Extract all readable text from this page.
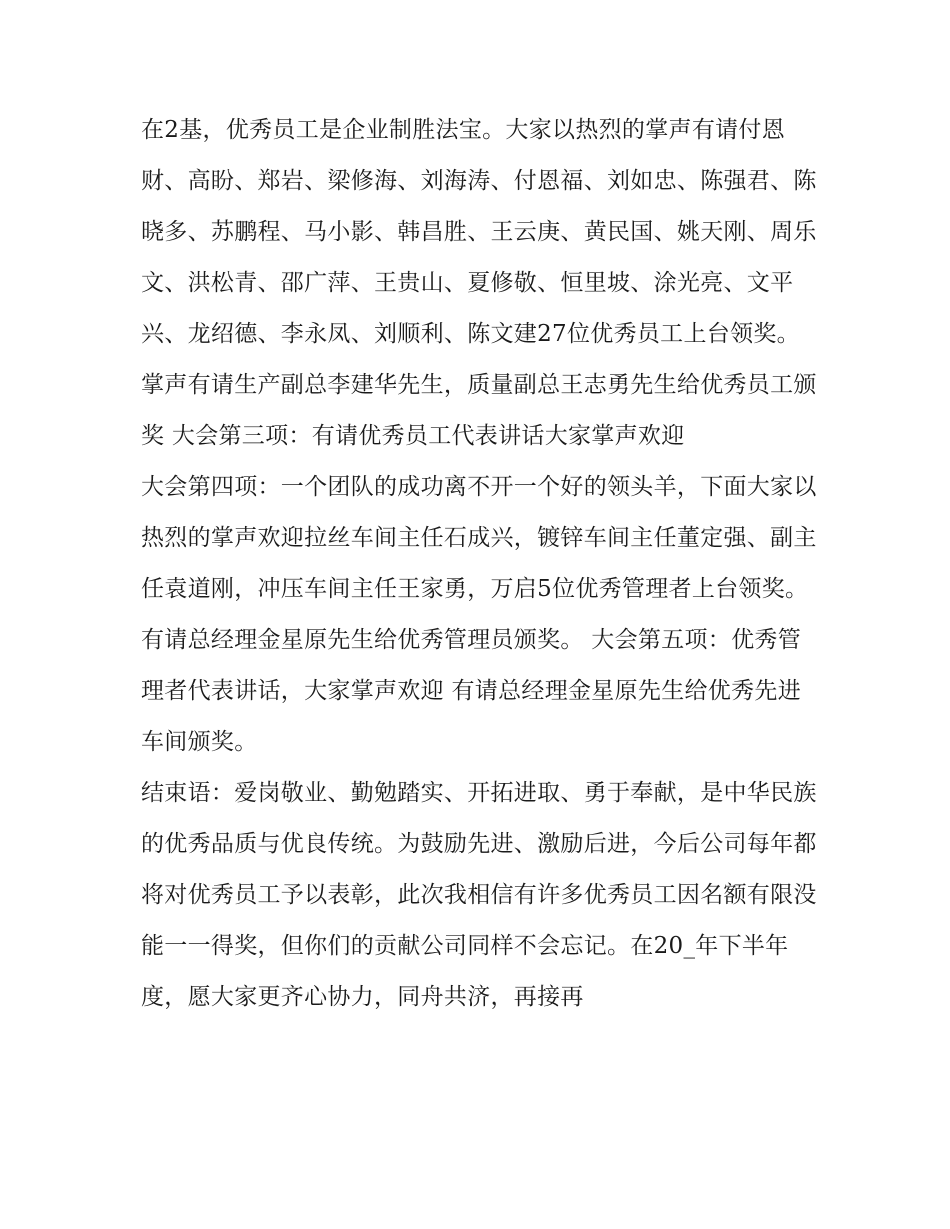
在2基，优秀员工是企业制胜法宝。大家以热烈的掌声有请付恩财、高盼、郑岩、梁修海、刘海涛、付恩福、刘如忠、陈强君、陈晓多、苏鹏程、马小影、韩昌胜、王云庚、黄民国、姚天刚、周乐文、洪松青、邵广萍、王贵山、夏修敬、恒里坡、涂光亮、文平兴、龙绍德、李永凤、刘顺利、陈文建27位优秀员工上台领奖。

掌声有请生产副总李建华先生，质量副总王志勇先生给优秀员工颁奖 大会第三项：有请优秀员工代表讲话大家掌声欢迎

大会第四项：一个团队的成功离不开一个好的领头羊，下面大家以热烈的掌声欢迎拉丝车间主任石成兴，镀锌车间主任董定强、副主任袁道刚，冲压车间主任王家勇，万启5位优秀管理者上台领奖。

有请总经理金星原先生给优秀管理员颁奖。 大会第五项：优秀管理者代表讲话，大家掌声欢迎 有请总经理金星原先生给优秀先进车间颁奖。

结束语：爱岗敬业、勤勉踏实、开拓进取、勇于奉献，是中华民族的优秀品质与优良传统。为鼓励先进、激励后进，今后公司每年都将对优秀员工予以表彰，此次我相信有许多优秀员工因名额有限没能一一得奖，但你们的贡献公司同样不会忘记。在20_年下半年度，愿大家更齐心协力，同舟共济，再接再
